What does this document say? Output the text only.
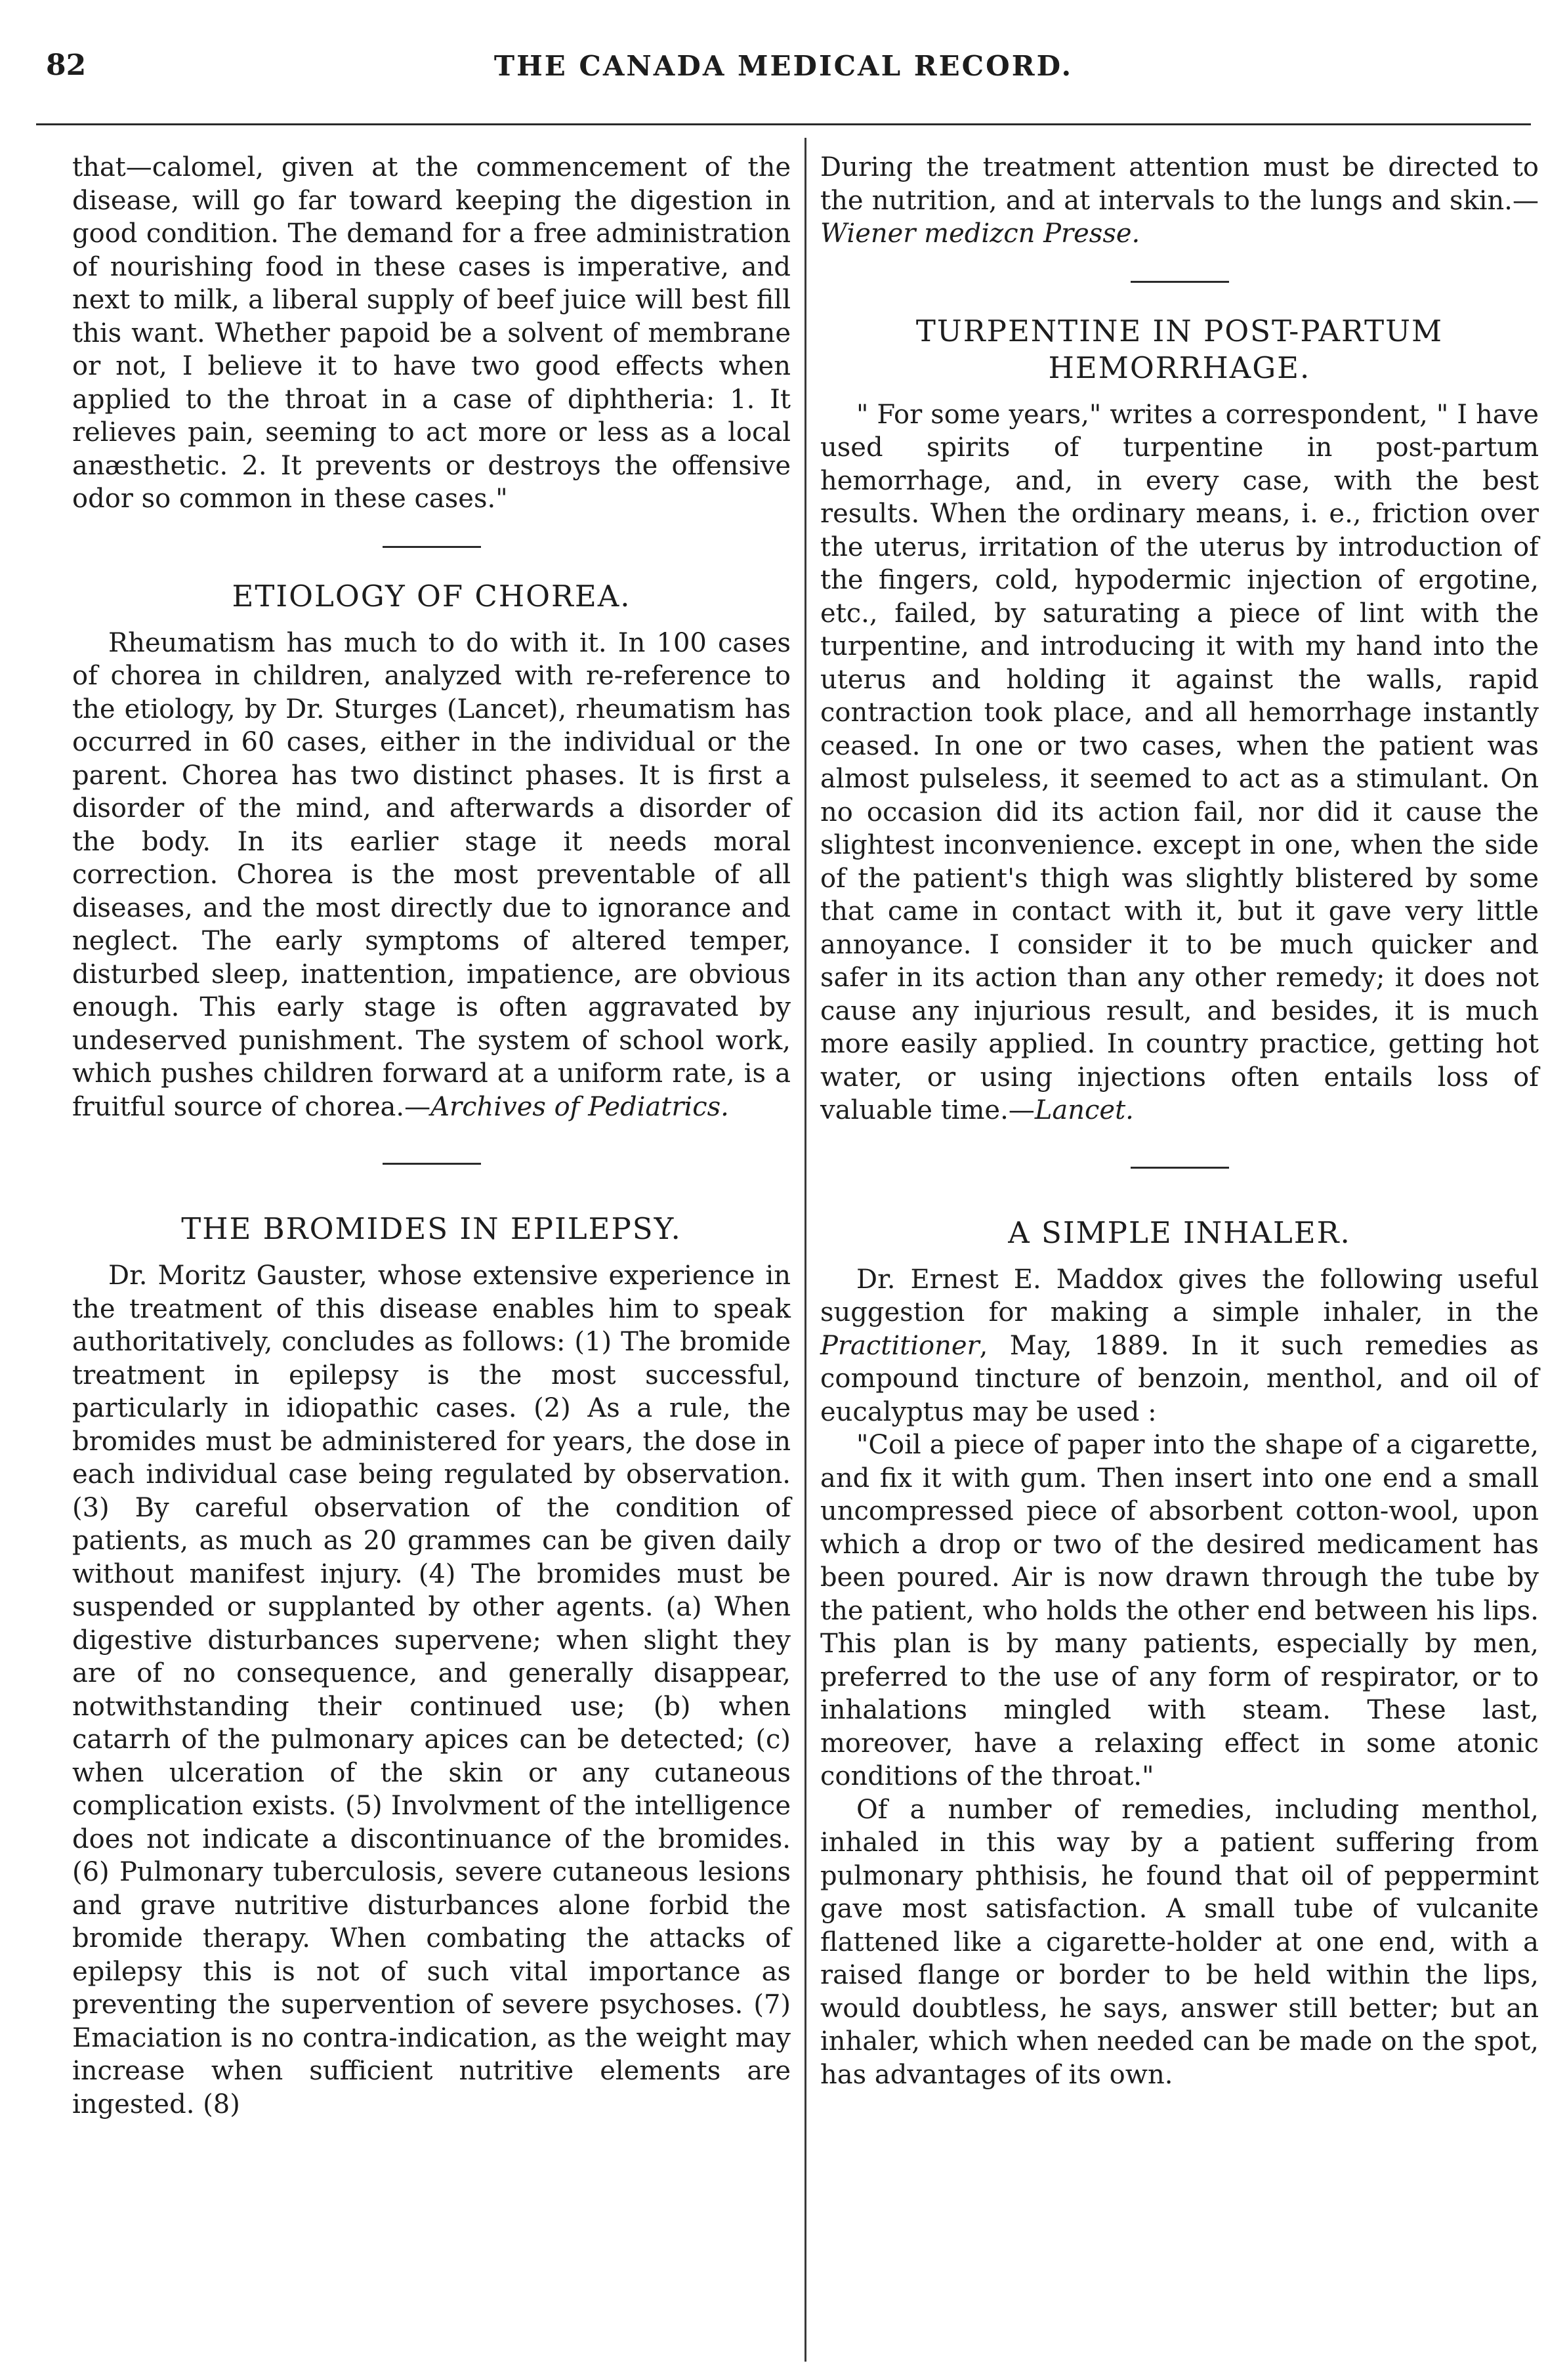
82	THE CANADA MEDICAL RECORD.

that—calomel, given at the commencement of the disease, will go far toward keeping the digestion in good condition. The demand for a free administration of nourishing food in these cases is imperative, and next to milk, a liberal supply of beef juice will best fill this want. Whether papoid be a solvent of membrane or not, I believe it to have two good effects when applied to the throat in a case of diphtheria: 1. It relieves pain, seeming to act more or less as a local anæsthetic. 2. It prevents or destroys the offensive odor so common in these cases."

ETIOLOGY OF CHOREA.

Rheumatism has much to do with it. In 100 cases of chorea in children, analyzed with re-reference to the etiology, by Dr. Sturges (Lancet), rheumatism has occurred in 60 cases, either in the individual or the parent. Chorea has two distinct phases. It is first a disorder of the mind, and afterwards a disorder of the body. In its earlier stage it needs moral correction. Chorea is the most preventable of all diseases, and the most directly due to ignorance and neglect. The early symptoms of altered temper, disturbed sleep, inattention, impatience, are obvious enough. This early stage is often aggravated by undeserved punishment. The system of school work, which pushes children forward at a uniform rate, is a fruitful source of chorea.—Archives of Pediatrics.

THE BROMIDES IN EPILEPSY.

Dr. Moritz Gauster, whose extensive experience in the treatment of this disease enables him to speak authoritatively, concludes as follows: (1) The bromide treatment in epilepsy is the most successful, particularly in idiopathic cases. (2) As a rule, the bromides must be administered for years, the dose in each individual case being regulated by observation. (3) By careful observation of the condition of patients, as much as 20 grammes can be given daily without manifest injury. (4) The bromides must be suspended or supplanted by other agents. (a) When digestive disturbances supervene; when slight they are of no consequence, and generally disappear, notwithstanding their continued use; (b) when catarrh of the pulmonary apices can be detected; (c) when ulceration of the skin or any cutaneous complication exists. (5) Involvment of the intelligence does not indicate a discontinuance of the bromides. (6) Pulmonary tuberculosis, severe cutaneous lesions and grave nutritive disturbances alone forbid the bromide therapy. When combating the attacks of epilepsy this is not of such vital importance as preventing the supervention of severe psychoses. (7) Emaciation is no contra-indication, as the weight may increase when sufficient nutritive elements are ingested. (8)

During the treatment attention must be directed to the nutrition, and at intervals to the lungs and skin.—Wiener medizcn Presse.

TURPENTINE IN POST-PARTUM HEMORRHAGE.

" For some years," writes a correspondent, " I have used spirits of turpentine in post-partum hemorrhage, and, in every case, with the best results. When the ordinary means, i. e., friction over the uterus, irritation of the uterus by introduction of the fingers, cold, hypodermic injection of ergotine, etc., failed, by saturating a piece of lint with the turpentine, and introducing it with my hand into the uterus and holding it against the walls, rapid contraction took place, and all hemorrhage instantly ceased. In one or two cases, when the patient was almost pulseless, it seemed to act as a stimulant. On no occasion did its action fail, nor did it cause the slightest inconvenience. except in one, when the side of the patient's thigh was slightly blistered by some that came in contact with it, but it gave very little annoyance. I consider it to be much quicker and safer in its action than any other remedy; it does not cause any injurious result, and besides, it is much more easily applied. In country practice, getting hot water, or using injections often entails loss of valuable time.—Lancet.

A SIMPLE INHALER.

Dr. Ernest E. Maddox gives the following useful suggestion for making a simple inhaler, in the Practitioner, May, 1889. In it such remedies as compound tincture of benzoin, menthol, and oil of eucalyptus may be used :

"Coil a piece of paper into the shape of a cigarette, and fix it with gum. Then insert into one end a small uncompressed piece of absorbent cotton-wool, upon which a drop or two of the desired medicament has been poured. Air is now drawn through the tube by the patient, who holds the other end between his lips. This plan is by many patients, especially by men, preferred to the use of any form of respirator, or to inhalations mingled with steam. These last, moreover, have a relaxing effect in some atonic conditions of the throat."

Of a number of remedies, including menthol, inhaled in this way by a patient suffering from pulmonary phthisis, he found that oil of peppermint gave most satisfaction. A small tube of vulcanite flattened like a cigarette-holder at one end, with a raised flange or border to be held within the lips, would doubtless, he says, answer still better; but an inhaler, which when needed can be made on the spot, has advantages of its own.
